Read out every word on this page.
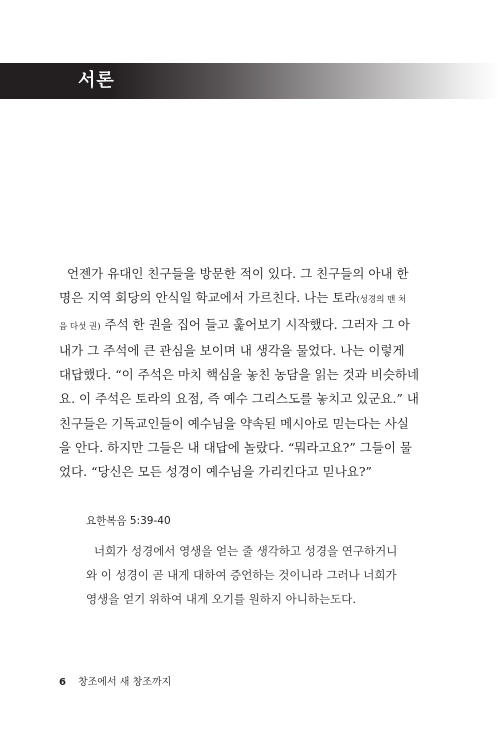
서론
언젠가 유대인 친구들을 방문한 적이 있다. 그 친구들의 아내 한
명은 지역 회당의 안식일 학교에서 가르친다. 나는 토라(성경의 맨 처
음 다섯 권) 주석 한 권을 집어 들고 훑어보기 시작했다. 그러자 그 아
내가 그 주석에 큰 관심을 보이며 내 생각을 물었다. 나는 이렇게
대답했다. “이 주석은 마치 핵심을 놓친 농담을 읽는 것과 비슷하네
요. 이 주석은 토라의 요점, 즉 예수 그리스도를 놓치고 있군요.” 내
친구들은 기독교인들이 예수님을 약속된 메시아로 믿는다는 사실
을 안다. 하지만 그들은 내 대답에 놀랐다. “뭐라고요?” 그들이 물
었다. “당신은 모든 성경이 예수님을 가리킨다고 믿나요?”
요한복음 5:39-40
너희가 성경에서 영생을 얻는 줄 생각하고 성경을 연구하거니
와 이 성경이 곧 내게 대하여 증언하는 것이니라 그러나 너희가
영생을 얻기 위하여 내게 오기를 원하지 아니하는도다.
6 창조에서 새 창조까지
